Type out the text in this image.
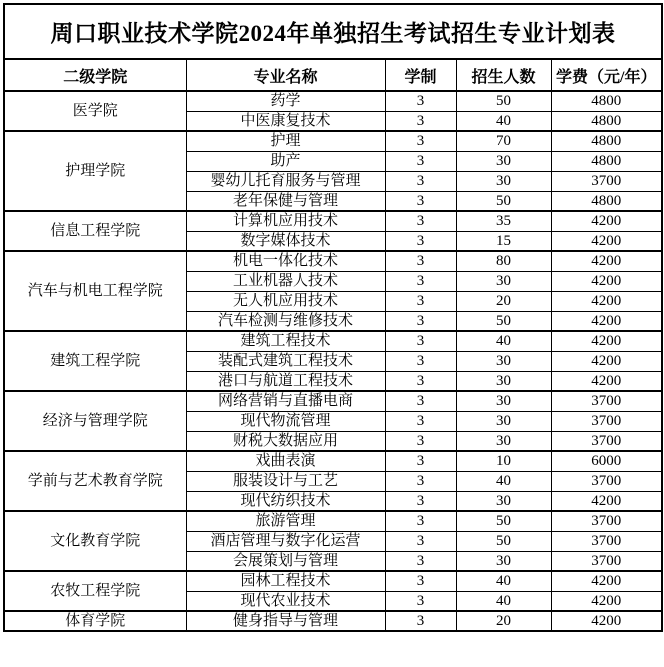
周口职业技术学院2024年单独招生考试招生专业计划表				
二级学院	专业名称	学制	招生人数	学费（元/年）
医学院	药学	3	50	4800
	中医康复技术	3	40	4800
护理学院	护理	3	70	4800
	助产	3	30	4800
	婴幼儿托育服务与管理	3	30	3700
	老年保健与管理	3	50	4800
信息工程学院	计算机应用技术	3	35	4200
	数字媒体技术	3	15	4200
汽车与机电工程学院	机电一体化技术	3	80	4200
	工业机器人技术	3	30	4200
	无人机应用技术	3	20	4200
	汽车检测与维修技术	3	50	4200
建筑工程学院	建筑工程技术	3	40	4200
	装配式建筑工程技术	3	30	4200
	港口与航道工程技术	3	30	4200
经济与管理学院	网络营销与直播电商	3	30	3700
	现代物流管理	3	30	3700
	财税大数据应用	3	30	3700
学前与艺术教育学院	戏曲表演	3	10	6000
	服装设计与工艺	3	40	3700
	现代纺织技术	3	30	4200
文化教育学院	旅游管理	3	50	3700
	酒店管理与数字化运营	3	50	3700
	会展策划与管理	3	30	3700
农牧工程学院	园林工程技术	3	40	4200
	现代农业技术	3	40	4200
体育学院	健身指导与管理	3	20	4200
